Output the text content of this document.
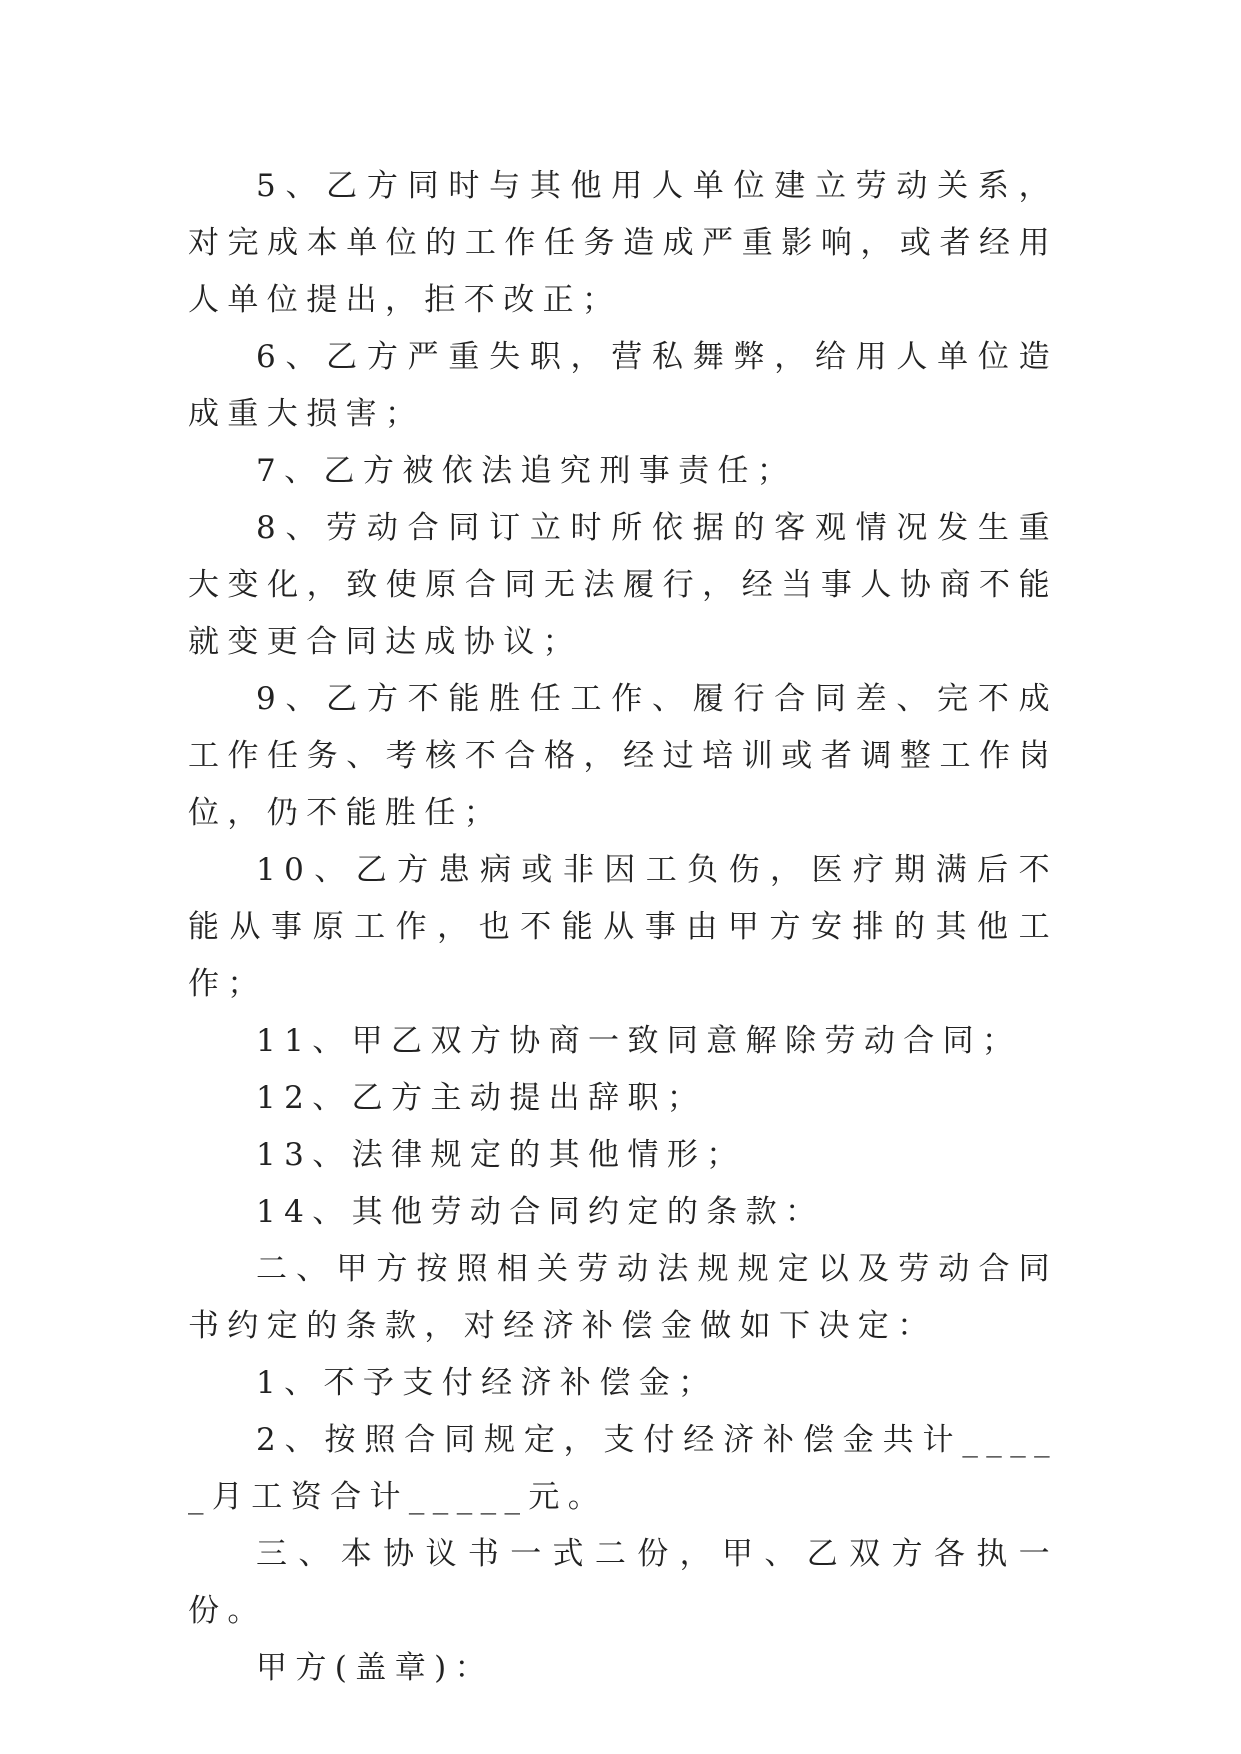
5、乙方同时与其他用人单位建立劳动关系，对完成本单位的工作任务造成严重影响，或者经用人单位提出，拒不改正；

6、乙方严重失职，营私舞弊，给用人单位造成重大损害；

7、乙方被依法追究刑事责任；

8、劳动合同订立时所依据的客观情况发生重大变化，致使原合同无法履行，经当事人协商不能就变更合同达成协议；

9、乙方不能胜任工作、履行合同差、完不成工作任务、考核不合格，经过培训或者调整工作岗位，仍不能胜任；

10、乙方患病或非因工负伤，医疗期满后不能从事原工作，也不能从事由甲方安排的其他工作；

11、甲乙双方协商一致同意解除劳动合同；

12、乙方主动提出辞职；

13、法律规定的其他情形；

14、其他劳动合同约定的条款：

二、甲方按照相关劳动法规规定以及劳动合同书约定的条款，对经济补偿金做如下决定：

1、不予支付经济补偿金；

2、按照合同规定，支付经济补偿金共计_____月工资合计_____元。

三、本协议书一式二份，甲、乙双方各执一份。

甲方(盖章)：
